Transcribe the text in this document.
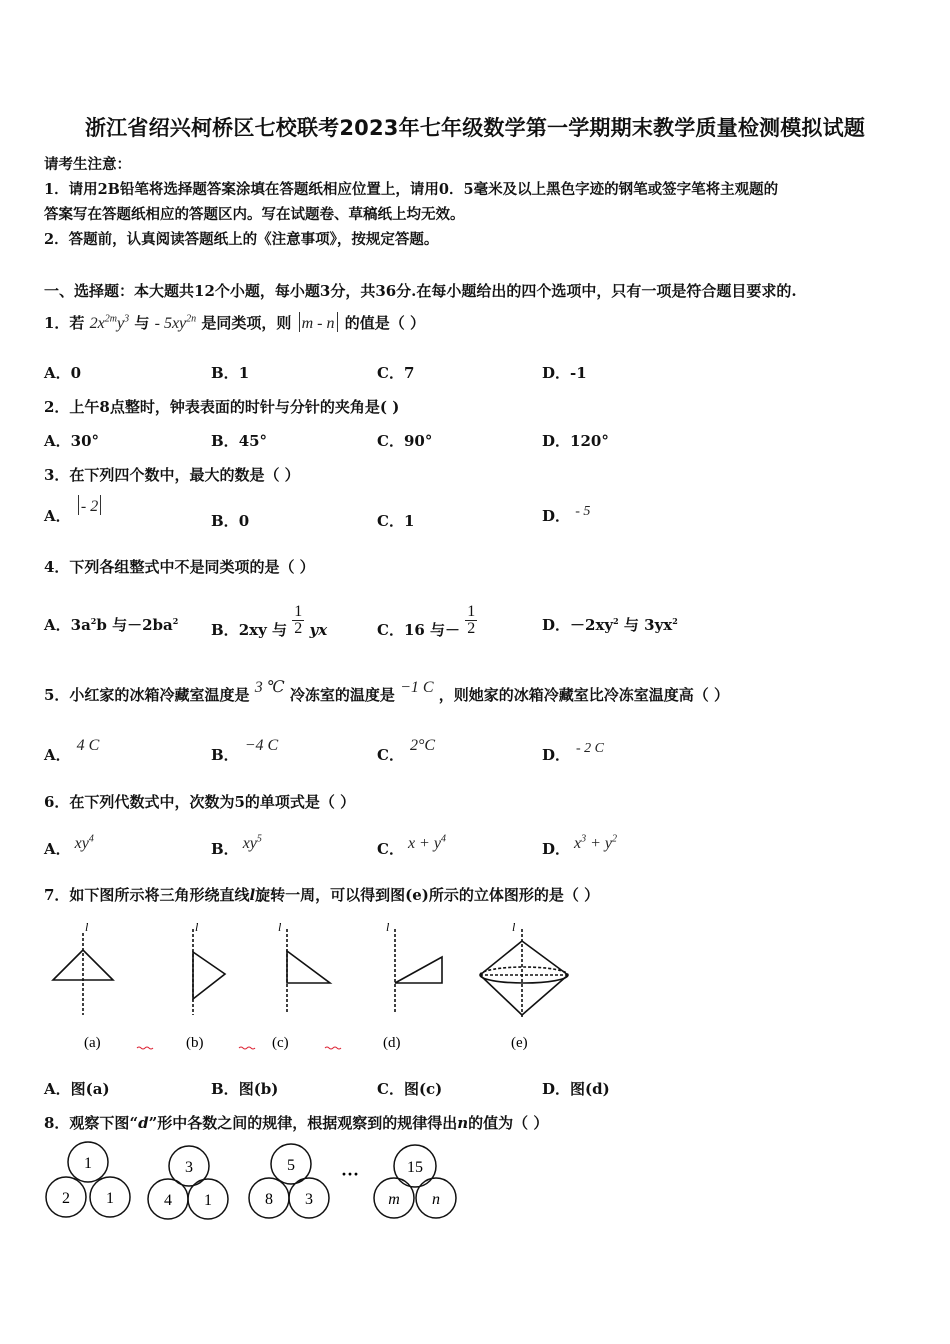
浙江省绍兴柯桥区七校联考2023年七年级数学第一学期期末教学质量检测模拟试题
请考生注意：
1．请用2B铅笔将选择题答案涂填在答题纸相应位置上，请用0．5毫米及以上黑色字迹的钢笔或签字笔将主观题的
答案写在答题纸相应的答题区内。写在试题卷、草稿纸上均无效。
2．答题前，认真阅读答题纸上的《注意事项》，按规定答题。
一、选择题：本大题共12个小题，每小题3分，共36分.在每小题给出的四个选项中，只有一项是符合题目要求的.
1．若 $2x^{2m}y^3$ 与 - $5xy^{2n}$ 是同类项，则 m - n 的值是（ ）
A．0	B．1	C．7	D．-1
2．上午8点整时，钟表表面的时针与分针的夹角是( )
A．30°	B．45°	C．90°	D．120°
3．在下列四个数中，最大的数是（ ）
A． - 2
B．0	C．1	D． - 5
4．下列各组整式中不是同类项的是（ ）
A．$3a^2b$ 与$-2ba^2$ B．2xy 与 $\frac{1}{2}$ yx	C．16 与－ $\frac{1}{2}$	D．$-2xy^2$ 与 $3yx^2$
5．小红家的冰箱冷藏室温度是 3 ℃ 冷冻室的温度是 −1 C ，则她家的冰箱冷藏室比冷冻室温度高（ ）
A．4 C
B．−4 C
C．2°C
D． - 2 C
6．在下列代数式中，次数为5的单项式是（ ）
A． $xy^4$
B． $xy^5$
C． $x + y^4$
D． $x^3 + y^2$
7．如下图所示将三角形绕直线l旋转一周，可以得到图(e)所示的立体图形的是（ ）
l	l	l	l	l
(a)	(b)	(c)	(d)	(e)
A．图(a)	B．图(b)	C．图(c)	D．图(d)
8．观察下图“d”形中各数之间的规律，根据观察到的规律得出n的值为（ ）
1
2 1
3
4 1
5
8 3
15
m n
···
